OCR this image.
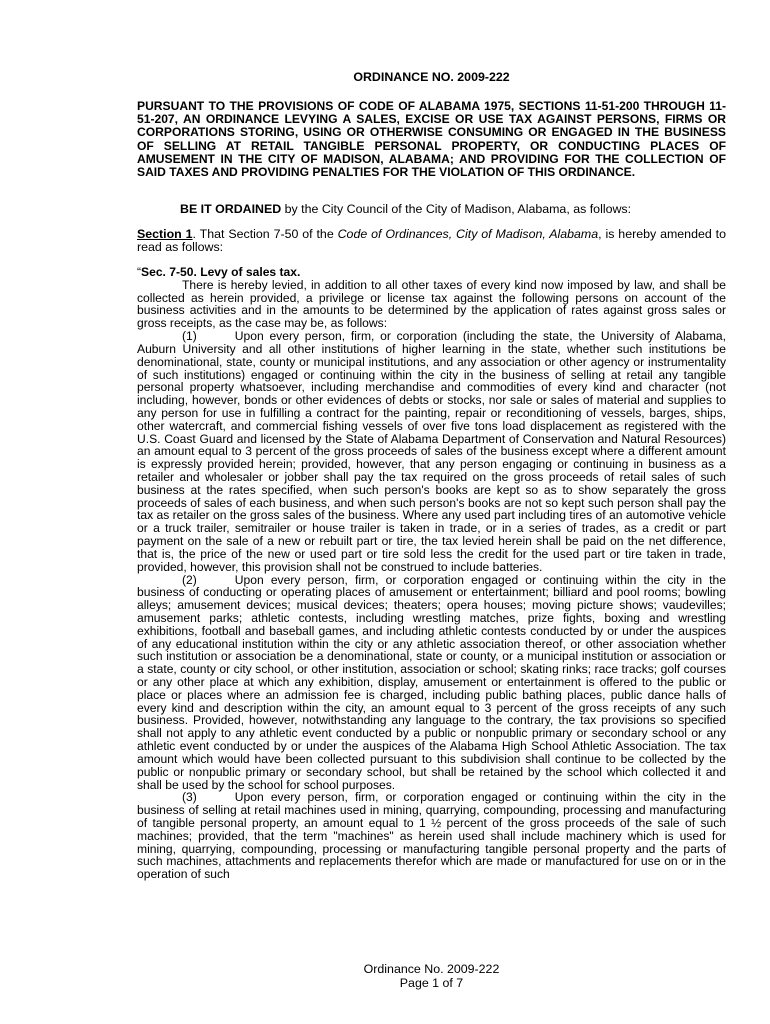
ORDINANCE NO. 2009-222
PURSUANT TO THE PROVISIONS OF CODE OF ALABAMA 1975, SECTIONS 11-51-200 THROUGH 11-51-207, AN ORDINANCE LEVYING A SALES, EXCISE OR USE TAX AGAINST PERSONS, FIRMS OR CORPORATIONS STORING, USING OR OTHERWISE CONSUMING OR ENGAGED IN THE BUSINESS OF SELLING AT RETAIL TANGIBLE PERSONAL PROPERTY, OR CONDUCTING PLACES OF AMUSEMENT IN THE CITY OF MADISON, ALABAMA; AND PROVIDING FOR THE COLLECTION OF SAID TAXES AND PROVIDING PENALTIES FOR THE VIOLATION OF THIS ORDINANCE.
BE IT ORDAINED by the City Council of the City of Madison, Alabama, as follows:
Section 1. That Section 7-50 of the Code of Ordinances, City of Madison, Alabama, is hereby amended to read as follows:

“Sec. 7-50. Levy of sales tax.

There is hereby levied, in addition to all other taxes of every kind now imposed by law, and shall be collected as herein provided, a privilege or license tax against the following persons on account of the business activities and in the amounts to be determined by the application of rates against gross sales or gross receipts, as the case may be, as follows:

(1)	Upon every person, firm, or corporation (including the state, the University of Alabama, Auburn University and all other institutions of higher learning in the state, whether such institutions be denominational, state, county or municipal institutions, and any association or other agency or instrumentality of such institutions) engaged or continuing within the city in the business of selling at retail any tangible personal property whatsoever, including merchandise and commodities of every kind and character (not including, however, bonds or other evidences of debts or stocks, nor sale or sales of material and supplies to any person for use in fulfilling a contract for the painting, repair or reconditioning of vessels, barges, ships, other watercraft, and commercial fishing vessels of over five tons load displacement as registered with the U.S. Coast Guard and licensed by the State of Alabama Department of Conservation and Natural Resources) an amount equal to 3 percent of the gross proceeds of sales of the business except where a different amount is expressly provided herein; provided, however, that any person engaging or continuing in business as a retailer and wholesaler or jobber shall pay the tax required on the gross proceeds of retail sales of such business at the rates specified, when such person's books are kept so as to show separately the gross proceeds of sales of each business, and when such person's books are not so kept such person shall pay the tax as retailer on the gross sales of the business. Where any used part including tires of an automotive vehicle or a truck trailer, semitrailer or house trailer is taken in trade, or in a series of trades, as a credit or part payment on the sale of a new or rebuilt part or tire, the tax levied herein shall be paid on the net difference, that is, the price of the new or used part or tire sold less the credit for the used part or tire taken in trade, provided, however, this provision shall not be construed to include batteries.

(2)	Upon every person, firm, or corporation engaged or continuing within the city in the business of conducting or operating places of amusement or entertainment; billiard and pool rooms; bowling alleys; amusement devices; musical devices; theaters; opera houses; moving picture shows; vaudevilles; amusement parks; athletic contests, including wrestling matches, prize fights, boxing and wrestling exhibitions, football and baseball games, and including athletic contests conducted by or under the auspices of any educational institution within the city or any athletic association thereof, or other association whether such institution or association be a denominational, state or county, or a municipal institution or association or a state, county or city school, or other institution, association or school; skating rinks; race tracks; golf courses or any other place at which any exhibition, display, amusement or entertainment is offered to the public or place or places where an admission fee is charged, including public bathing places, public dance halls of every kind and description within the city, an amount equal to 3 percent of the gross receipts of any such business. Provided, however, notwithstanding any language to the contrary, the tax provisions so specified shall not apply to any athletic event conducted by a public or nonpublic primary or secondary school or any athletic event conducted by or under the auspices of the Alabama High School Athletic Association. The tax amount which would have been collected pursuant to this subdivision shall continue to be collected by the public or nonpublic primary or secondary school, but shall be retained by the school which collected it and shall be used by the school for school purposes.

(3)	Upon every person, firm, or corporation engaged or continuing within the city in the business of selling at retail machines used in mining, quarrying, compounding, processing and manufacturing of tangible personal property, an amount equal to 1 ½ percent of the gross proceeds of the sale of such machines; provided, that the term "machines" as herein used shall include machinery which is used for mining, quarrying, compounding, processing or manufacturing tangible personal property and the parts of such machines, attachments and replacements therefor which are made or manufactured for use on or in the operation of such

Ordinance No. 2009-222
Page 1 of 7
